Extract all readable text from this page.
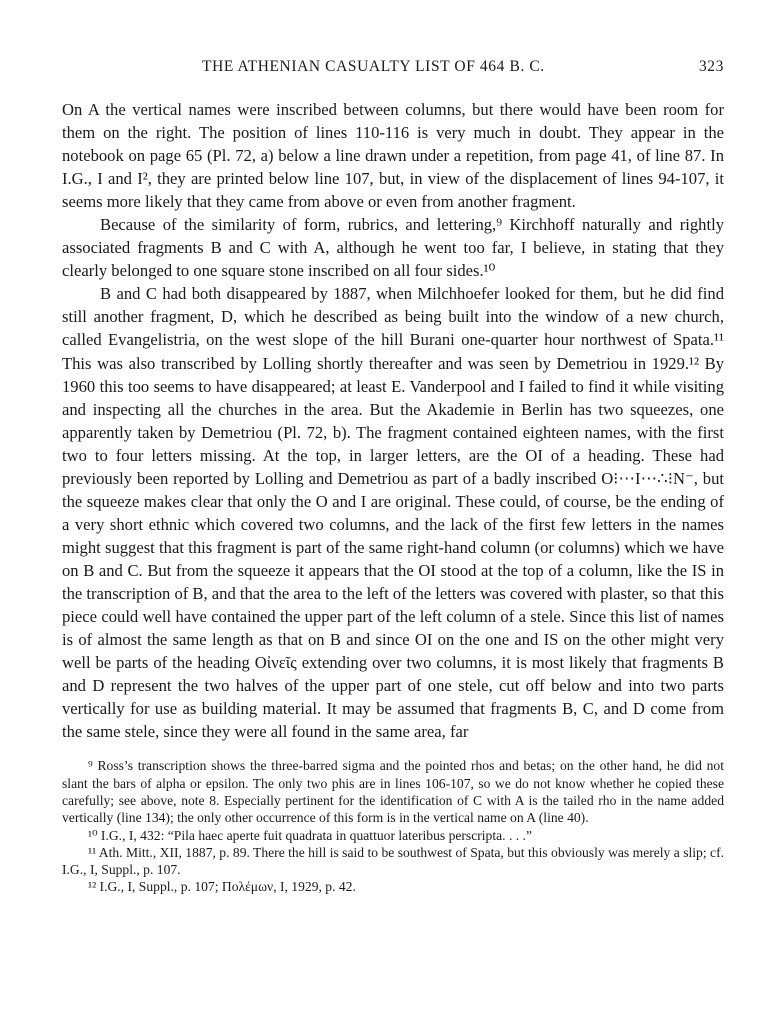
THE ATHENIAN CASUALTY LIST OF 464 B. C.	323

On A the vertical names were inscribed between columns, but there would have been room for them on the right. The position of lines 110-116 is very much in doubt. They appear in the notebook on page 65 (Pl. 72, a) below a line drawn under a repetition, from page 41, of line 87. In I.G., I and I², they are printed below line 107, but, in view of the displacement of lines 94-107, it seems more likely that they came from above or even from another fragment.

Because of the similarity of form, rubrics, and lettering,⁹ Kirchhoff naturally and rightly associated fragments B and C with A, although he went too far, I believe, in stating that they clearly belonged to one square stone inscribed on all four sides.¹⁰

B and C had both disappeared by 1887, when Milchhoefer looked for them, but he did find still another fragment, D, which he described as being built into the window of a new church, called Evangelistria, on the west slope of the hill Burani one-quarter hour northwest of Spata.¹¹ This was also transcribed by Lolling shortly thereafter and was seen by Demetriou in 1929.¹² By 1960 this too seems to have disappeared; at least E. Vanderpool and I failed to find it while visiting and inspecting all the churches in the area. But the Akademie in Berlin has two squeezes, one apparently taken by Demetriou (Pl. 72, b). The fragment contained eighteen names, with the first two to four letters missing. At the top, in larger letters, are the OI of a heading. These had previously been reported by Lolling and Demetriou as part of a badly inscribed O⁝⋯I⋯∴⁝N⁻, but the squeeze makes clear that only the O and I are original. These could, of course, be the ending of a very short ethnic which covered two columns, and the lack of the first few letters in the names might suggest that this fragment is part of the same right-hand column (or columns) which we have on B and C. But from the squeeze it appears that the OI stood at the top of a column, like the IS in the transcription of B, and that the area to the left of the letters was covered with plaster, so that this piece could well have contained the upper part of the left column of a stele. Since this list of names is of almost the same length as that on B and since OI on the one and IS on the other might very well be parts of the heading Οἰνεῖς extending over two columns, it is most likely that fragments B and D represent the two halves of the upper part of one stele, cut off below and into two parts vertically for use as building material. It may be assumed that fragments B, C, and D come from the same stele, since they were all found in the same area, far

⁹ Ross’s transcription shows the three-barred sigma and the pointed rhos and betas; on the other hand, he did not slant the bars of alpha or epsilon. The only two phis are in lines 106-107, so we do not know whether he copied these carefully; see above, note 8. Especially pertinent for the identification of C with A is the tailed rho in the name added vertically (line 134); the only other occurrence of this form is in the vertical name on A (line 40).

¹⁰ I.G., I, 432: “Pila haec aperte fuit quadrata in quattuor lateribus perscripta. . . .”

¹¹ Ath. Mitt., XII, 1887, p. 89. There the hill is said to be southwest of Spata, but this obviously was merely a slip; cf. I.G., I, Suppl., p. 107.

¹² I.G., I, Suppl., p. 107; Πολέμων, I, 1929, p. 42.
